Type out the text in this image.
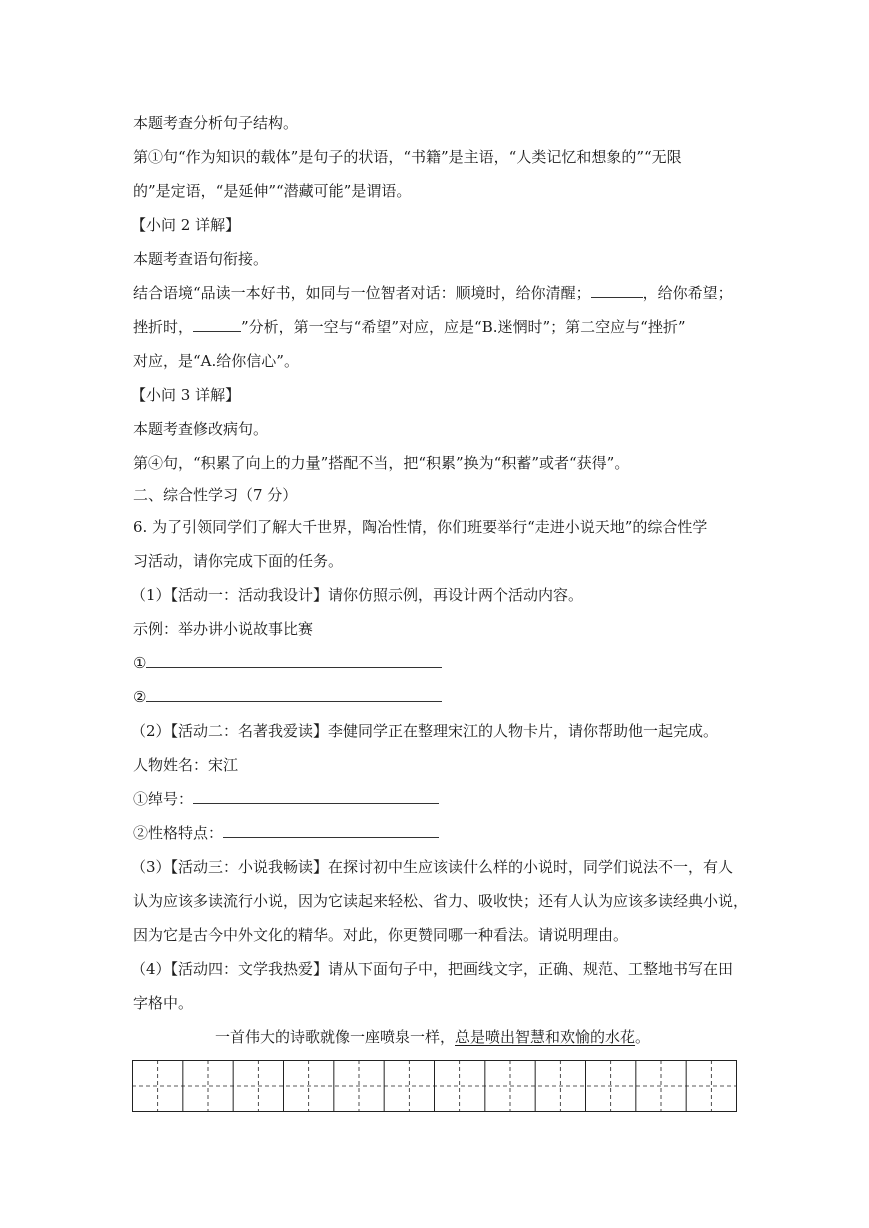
本题考查分析句子结构。
第①句“作为知识的载体”是句子的状语，“书籍”是主语，“人类记忆和想象的”“无限
的”是定语，“是延伸”“潜藏可能”是谓语。
【小问 2 详解】
本题考查语句衔接。
结合语境“品读一本好书，如同与一位智者对话：顺境时，给你清醒；	，给你希望；
挫折时，	”分析，第一空与“希望”对应，应是“B.迷惘时”；第二空应与“挫折”
对应，是“A.给你信心”。
【小问 3 详解】
本题考查修改病句。
第④句，“积累了向上的力量”搭配不当，把“积累”换为“积蓄”或者“获得”。
二、综合性学习（7 分）
6. 为了引领同学们了解大千世界，陶冶性情，你们班要举行“走进小说天地”的综合性学
习活动，请你完成下面的任务。
（1）【活动一：活动我设计】请你仿照示例，再设计两个活动内容。
示例：举办讲小说故事比赛
①
②
（2）【活动二：名著我爱读】李健同学正在整理宋江的人物卡片，请你帮助他一起完成。
人物姓名：宋江
①绰号：
②性格特点：
（3）【活动三：小说我畅读】在探讨初中生应该读什么样的小说时，同学们说法不一，有人
认为应该多读流行小说，因为它读起来轻松、省力、吸收快；还有人认为应该多读经典小说，
因为它是古今中外文化的精华。对此，你更赞同哪一种看法。请说明理由。
（4）【活动四：文学我热爱】请从下面句子中，把画线文字，正确、规范、工整地书写在田
字格中。
一首伟大的诗歌就像一座喷泉一样，总是喷出智慧和欢愉的水花。
